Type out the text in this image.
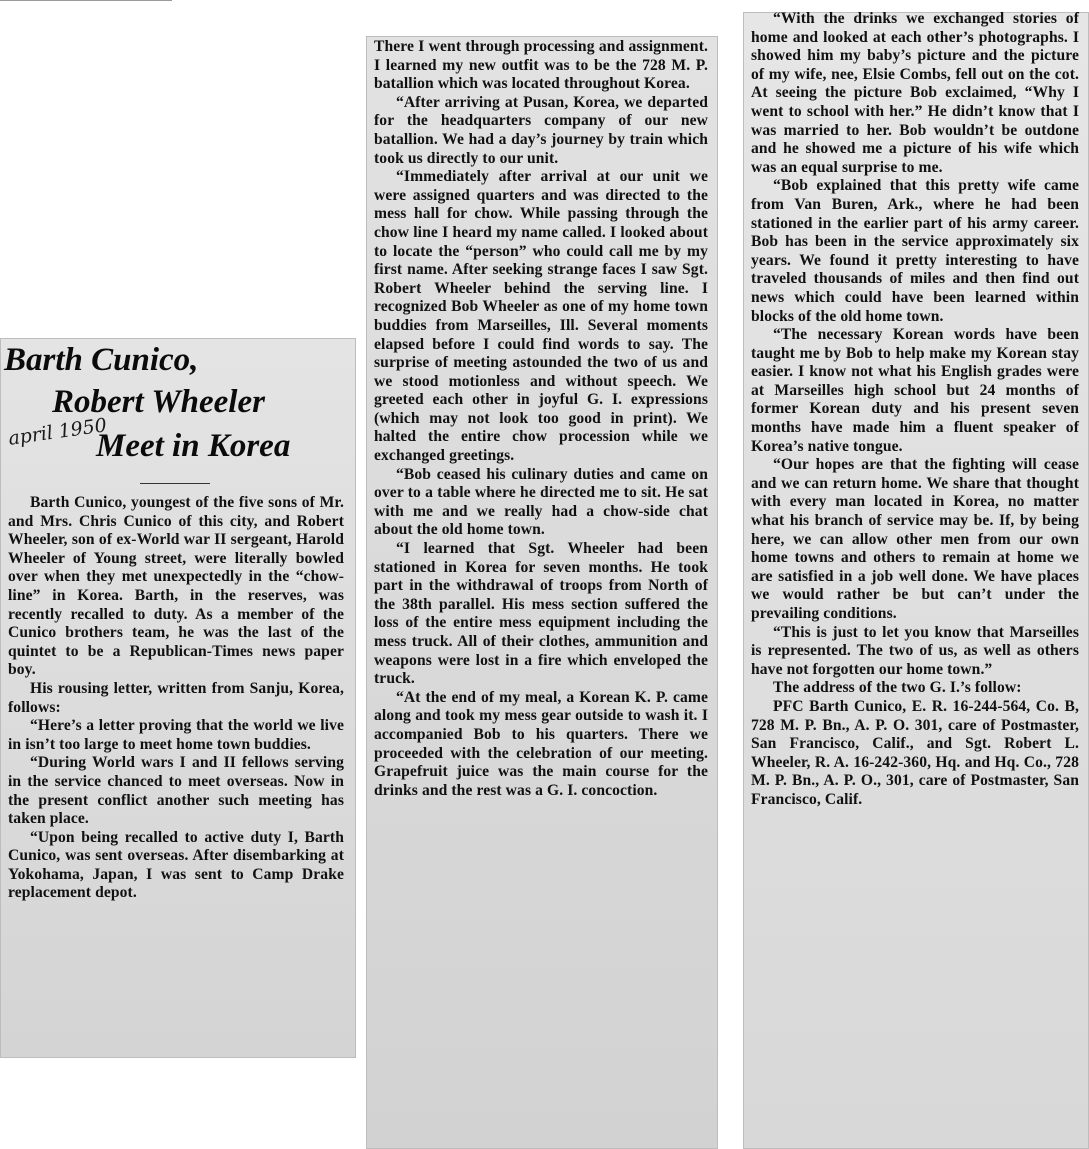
Barth Cunico,
Robert Wheeler
Meet in Korea
april 1950

Barth Cunico, youngest of the five sons of Mr. and Mrs. Chris Cunico of this city, and Robert Wheeler, son of ex-World war II sergeant, Harold Wheeler of Young street, were literally bowled over when they met unexpectedly in the “chow-line” in Korea. Barth, in the reserves, was recently recalled to duty. As a member of the Cunico brothers team, he was the last of the quintet to be a Republican-Times news paper boy.

His rousing letter, written from Sanju, Korea, follows:

“Here’s a letter proving that the world we live in isn’t too large to meet home town buddies.

“During World wars I and II fellows serving in the service chanced to meet overseas. Now in the present conflict another such meeting has taken place.

“Upon being recalled to active duty I, Barth Cunico, was sent overseas. After disembarking at Yokohama, Japan, I was sent to Camp Drake replacement depot.

There I went through processing and assignment. I learned my new outfit was to be the 728 M. P. batallion which was located throughout Korea.

“After arriving at Pusan, Korea, we departed for the headquarters company of our new batallion. We had a day’s journey by train which took us directly to our unit.

“Immediately after arrival at our unit we were assigned quarters and was directed to the mess hall for chow. While passing through the chow line I heard my name called. I looked about to locate the “person” who could call me by my first name. After seeking strange faces I saw Sgt. Robert Wheeler behind the serving line. I recognized Bob Wheeler as one of my home town buddies from Marseilles, Ill. Several moments elapsed before I could find words to say. The surprise of meeting astounded the two of us and we stood motionless and without speech. We greeted each other in joyful G. I. expressions (which may not look too good in print). We halted the entire chow procession while we exchanged greetings.

“Bob ceased his culinary duties and came on over to a table where he directed me to sit. He sat with me and we really had a chow-side chat about the old home town.

“I learned that Sgt. Wheeler had been stationed in Korea for seven months. He took part in the withdrawal of troops from North of the 38th parallel. His mess section suffered the loss of the entire mess equipment including the mess truck. All of their clothes, ammunition and weapons were lost in a fire which enveloped the truck.

“At the end of my meal, a Korean K. P. came along and took my mess gear outside to wash it. I accompanied Bob to his quarters. There we proceeded with the celebration of our meeting. Grapefruit juice was the main course for the drinks and the rest was a G. I. concoction.

“With the drinks we exchanged stories of home and looked at each other’s photographs. I showed him my baby’s picture and the picture of my wife, nee, Elsie Combs, fell out on the cot. At seeing the picture Bob exclaimed, “Why I went to school with her.” He didn’t know that I was married to her. Bob wouldn’t be outdone and he showed me a picture of his wife which was an equal surprise to me.

“Bob explained that this pretty wife came from Van Buren, Ark., where he had been stationed in the earlier part of his army career. Bob has been in the service approximately six years. We found it pretty interesting to have traveled thousands of miles and then find out news which could have been learned within blocks of the old home town.

“The necessary Korean words have been taught me by Bob to help make my Korean stay easier. I know not what his English grades were at Marseilles high school but 24 months of former Korean duty and his present seven months have made him a fluent speaker of Korea’s native tongue.

“Our hopes are that the fighting will cease and we can return home. We share that thought with every man located in Korea, no matter what his branch of service may be. If, by being here, we can allow other men from our own home towns and others to remain at home we are satisfied in a job well done. We have places we would rather be but can’t under the prevailing conditions.

“This is just to let you know that Marseilles is represented. The two of us, as well as others have not forgotten our home town.”

The address of the two G. I.’s follow:

PFC Barth Cunico, E. R. 16-244-564, Co. B, 728 M. P. Bn., A. P. O. 301, care of Postmaster, San Francisco, Calif., and Sgt. Robert L. Wheeler, R. A. 16-242-360, Hq. and Hq. Co., 728 M. P. Bn., A. P. O., 301, care of Postmaster, San Francisco, Calif.
